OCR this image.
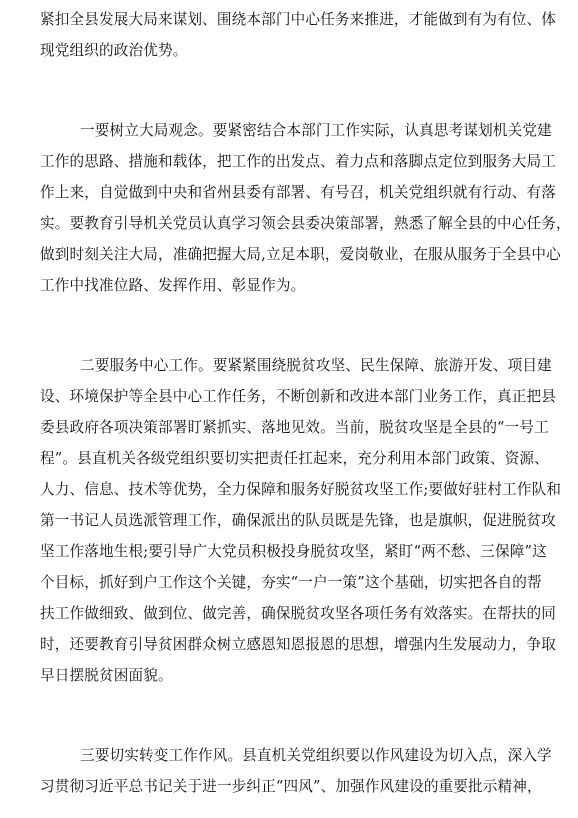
紧扣全县发展大局来谋划、围绕本部门中心任务来推进，才能做到有为有位、体
现党组织的政治优势。
一要树立大局观念。要紧密结合本部门工作实际，认真思考谋划机关党建
工作的思路、措施和载体，把工作的出发点、着力点和落脚点定位到服务大局工
作上来，自觉做到中央和省州县委有部署、有号召，机关党组织就有行动、有落
实。要教育引导机关党员认真学习领会县委决策部署，熟悉了解全县的中心任务，
做到时刻关注大局，准确把握大局,立足本职，爱岗敬业，在服从服务于全县中心
工作中找准位路、发挥作用、彰显作为。
二要服务中心工作。要紧紧围绕脱贫攻坚、民生保障、旅游开发、项目建
设、环境保护等全县中心工作任务，不断创新和改进本部门业务工作，真正把县
委县政府各项决策部署盯紧抓实、落地见效。当前，脱贫攻坚是全县的“一号工
程”。县直机关各级党组织要切实把责任扛起来，充分利用本部门政策、资源、
人力、信息、技术等优势，全力保障和服务好脱贫攻坚工作;要做好驻村工作队和
第一书记人员选派管理工作，确保派出的队员既是先锋，也是旗帜，促进脱贫攻
坚工作落地生根;要引导广大党员积极投身脱贫攻坚，紧盯“两不愁、三保障”这
个目标，抓好到户工作这个关键，夯实“一户一策”这个基础，切实把各自的帮
扶工作做细致、做到位、做完善，确保脱贫攻坚各项任务有效落实。在帮扶的同
时，还要教育引导贫困群众树立感恩知恩报恩的思想，增强内生发展动力，争取
早日摆脱贫困面貌。
三要切实转变工作作风。县直机关党组织要以作风建设为切入点，深入学
习贯彻习近平总书记关于进一步纠正“四风”、加强作风建设的重要批示精神，
